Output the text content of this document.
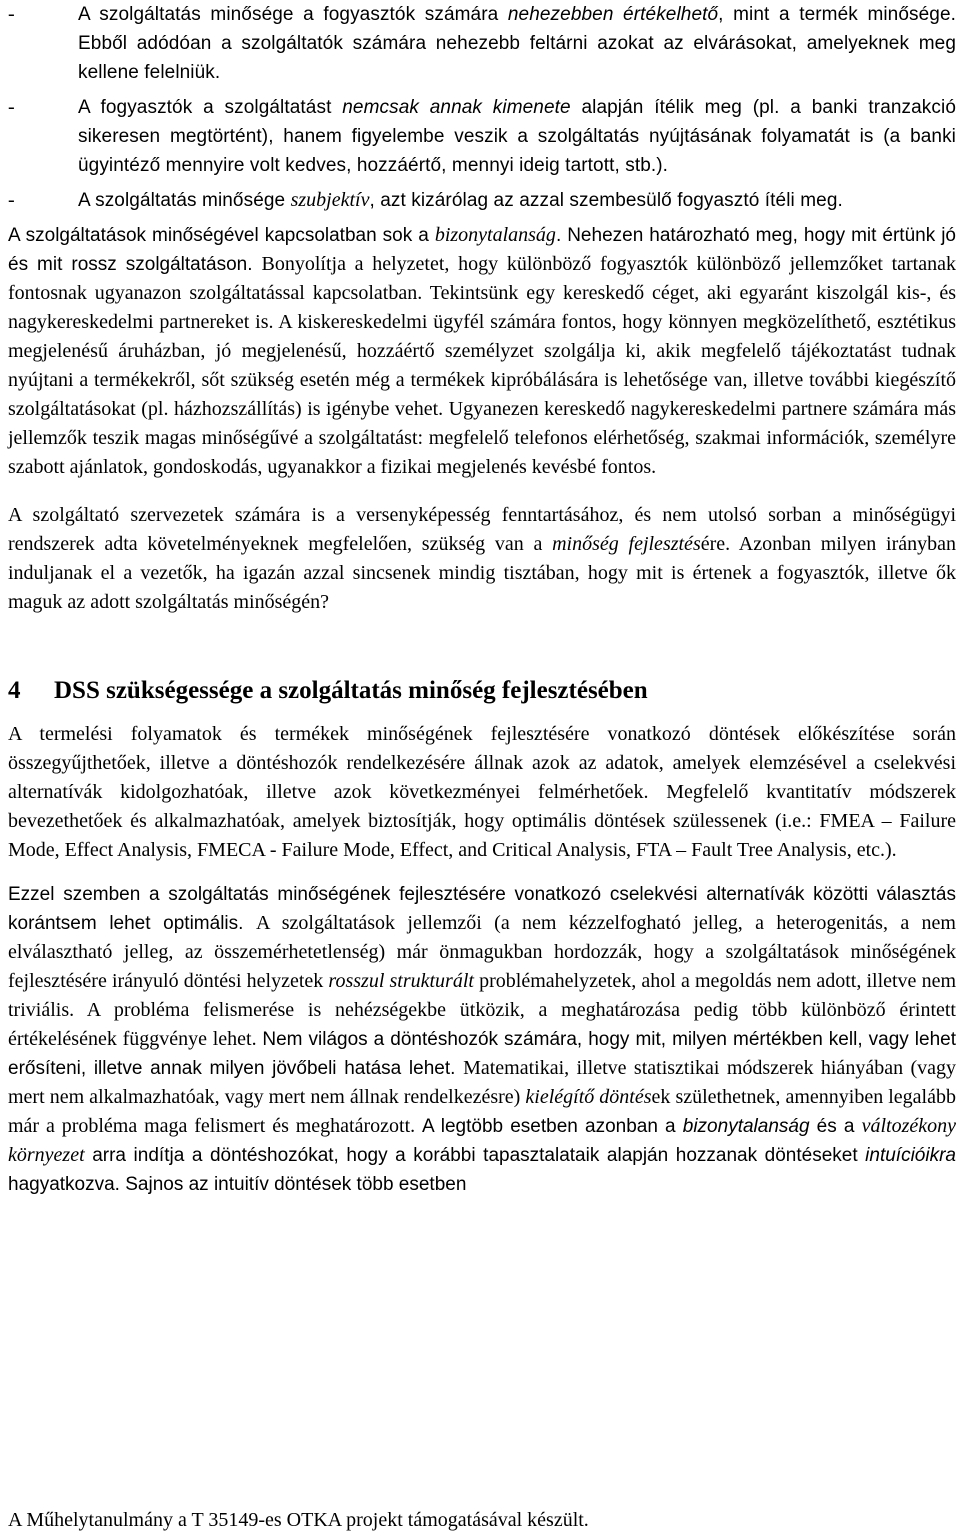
-	A szolgáltatás minősége a fogyasztók számára nehezebben értékelhető, mint a termék minősége. Ebből adódóan a szolgáltatók számára nehezebb feltárni azokat az elvárásokat, amelyeknek meg kellene felelniük.
-	A fogyasztók a szolgáltatást nemcsak annak kimenete alapján ítélik meg (pl. a banki tranzakció sikeresen megtörtént), hanem figyelembe veszik a szolgáltatás nyújtásának folyamatát is (a banki ügyintéző mennyire volt kedves, hozzáértő, mennyi ideig tartott, stb.).
-	A szolgáltatás minősége szubjektív, azt kizárólag az azzal szembesülő fogyasztó ítéli meg.

A szolgáltatások minőségével kapcsolatban sok a bizonytalanság. Nehezen határozható meg, hogy mit értünk jó és mit rossz szolgáltatáson. Bonyolítja a helyzetet, hogy különböző fogyasztók különböző jellemzőket tartanak fontosnak ugyanazon szolgáltatással kapcsolatban. Tekintsünk egy kereskedő céget, aki egyaránt kiszolgál kis-, és nagykereskedelmi partnereket is. A kiskereskedelmi ügyfél számára fontos, hogy könnyen megközelíthető, esztétikus megjelenésű áruházban, jó megjelenésű, hozzáértő személyzet szolgálja ki, akik megfelelő tájékoztatást tudnak nyújtani a termékekről, sőt szükség esetén még a termékek kipróbálására is lehetősége van, illetve további kiegészítő szolgáltatásokat (pl. házhozszállítás) is igénybe vehet. Ugyanezen kereskedő nagykereskedelmi partnere számára más jellemzők teszik magas minőségűvé a szolgáltatást: megfelelő telefonos elérhetőség, szakmai információk, személyre szabott ajánlatok, gondoskodás, ugyanakkor a fizikai megjelenés kevésbé fontos.

A szolgáltató szervezetek számára is a versenyképesség fenntartásához, és nem utolsó sorban a minőségügyi rendszerek adta követelményeknek megfelelően, szükség van a minőség fejlesztésére. Azonban milyen irányban induljanak el a vezetők, ha igazán azzal sincsenek mindig tisztában, hogy mit is értenek a fogyasztók, illetve ők maguk az adott szolgáltatás minőségén?

4 DSS szükségessége a szolgáltatás minőség fejlesztésében

A termelési folyamatok és termékek minőségének fejlesztésére vonatkozó döntések előkészítése során összegyűjthetőek, illetve a döntéshozók rendelkezésére állnak azok az adatok, amelyek elemzésével a cselekvési alternatívák kidolgozhatóak, illetve azok következményei felmérhetőek. Megfelelő kvantitatív módszerek bevezethetőek és alkalmazhatóak, amelyek biztosítják, hogy optimális döntések szülessenek (i.e.: FMEA – Failure Mode, Effect Analysis, FMECA - Failure Mode, Effect, and Critical Analysis, FTA – Fault Tree Analysis, etc.).

Ezzel szemben a szolgáltatás minőségének fejlesztésére vonatkozó cselekvési alternatívák közötti választás korántsem lehet optimális. A szolgáltatások jellemzői (a nem kézzelfogható jelleg, a heterogenitás, a nem elválasztható jelleg, az összemérhetetlenség) már önmagukban hordozzák, hogy a szolgáltatások minőségének fejlesztésére irányuló döntési helyzetek rosszul strukturált problémahelyzetek, ahol a megoldás nem adott, illetve nem triviális. A probléma felismerése is nehézségekbe ütközik, a meghatározása pedig több különböző érintett értékelésének függvénye lehet. Nem világos a döntéshozók számára, hogy mit, milyen mértékben kell, vagy lehet erősíteni, illetve annak milyen jövőbeli hatása lehet. Matematikai, illetve statisztikai módszerek hiányában (vagy mert nem alkalmazhatóak, vagy mert nem állnak rendelkezésre) kielégítő döntések születhetnek, amennyiben legalább már a probléma maga felismert és meghatározott. A legtöbb esetben azonban a bizonytalanság és a változékony környezet arra indítja a döntéshozókat, hogy a korábbi tapasztalataik alapján hozzanak döntéseket intuícióikra hagyatkozva. Sajnos az intuitív döntések több esetben

A Műhelytanulmány a T 35149-es OTKA projekt támogatásával készült.
